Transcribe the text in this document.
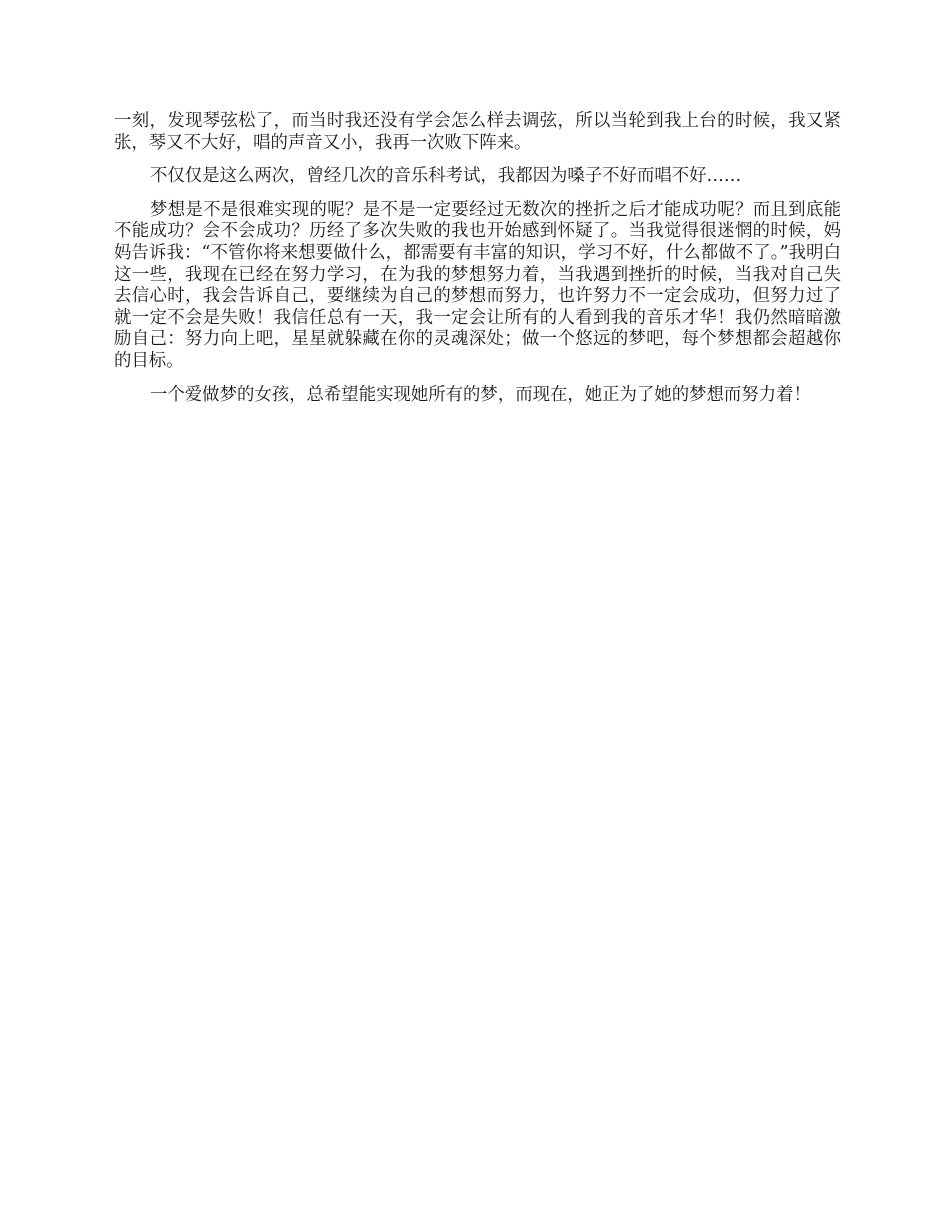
一刻，发现琴弦松了，而当时我还没有学会怎么样去调弦，所以当轮到我上台的时候，我又紧张，琴又不大好，唱的声音又小，我再一次败下阵来。

不仅仅是这么两次，曾经几次的音乐科考试，我都因为嗓子不好而唱不好……

梦想是不是很难实现的呢？是不是一定要经过无数次的挫折之后才能成功呢？而且到底能不能成功？会不会成功？历经了多次失败的我也开始感到怀疑了。当我觉得很迷惘的时候，妈妈告诉我：“不管你将来想要做什么，都需要有丰富的知识，学习不好，什么都做不了。”我明白这一些，我现在已经在努力学习，在为我的梦想努力着，当我遇到挫折的时候，当我对自己失去信心时，我会告诉自己，要继续为自己的梦想而努力，也许努力不一定会成功，但努力过了就一定不会是失败！我信任总有一天，我一定会让所有的人看到我的音乐才华！我仍然暗暗激励自己：努力向上吧，星星就躲藏在你的灵魂深处；做一个悠远的梦吧，每个梦想都会超越你的目标。

一个爱做梦的女孩，总希望能实现她所有的梦，而现在，她正为了她的梦想而努力着！
